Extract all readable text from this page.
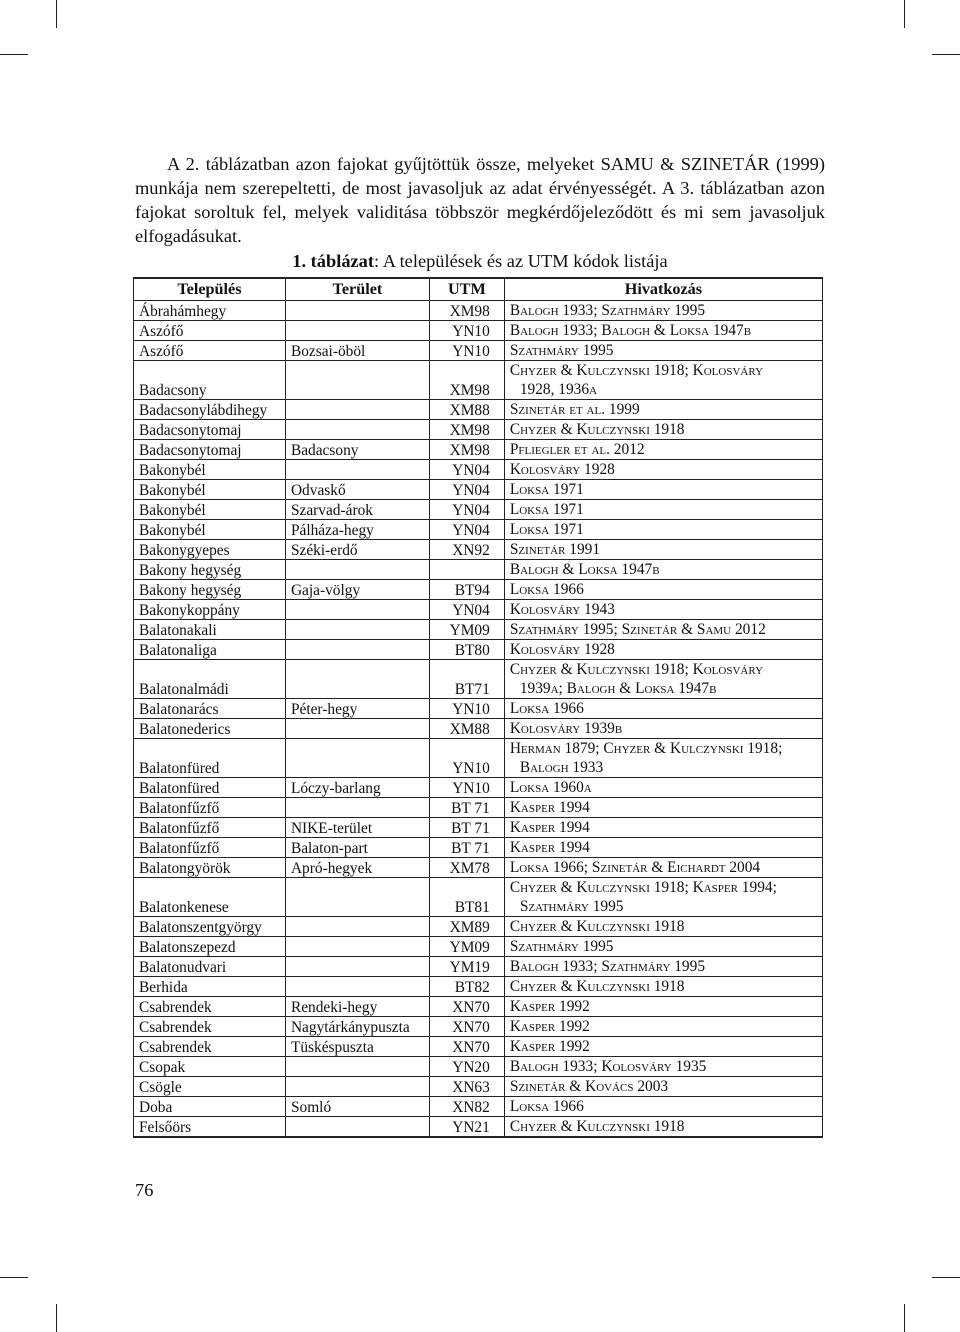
A 2. táblázatban azon fajokat gyűjtöttük össze, melyeket SAMU & SZINETÁR (1999) munkája nem szerepeltetti, de most javasoljuk az adat érvényességét. A 3. táblázatban azon fajokat soroltuk fel, melyek validitása többször megkérdőjeleződött és mi sem javasoljuk elfogadásukat.

1. táblázat: A települések és az UTM kódok listája
Település	Terület	UTM	Hivatkozás
Ábrahámhegy		XM98	Balogh 1933; Szathmáry 1995

Aszófő		YN10	Balogh 1933; Balogh & Loksa 1947b

Aszófő	Bozsai-öböl	YN10	Szathmáry 1995

Badacsony		XM98	Chyzer & Kulczynski 1918; Kolosváry
1928, 1936a

Badacsonylábdihegy		XM88	Szinetár et al. 1999

Badacsonytomaj		XM98	Chyzer & Kulczynski 1918

Badacsonytomaj	Badacsony	XM98	Pfliegler et al. 2012

Bakonybél		YN04	Kolosváry 1928

Bakonybél	Odvaskő	YN04	Loksa 1971

Bakonybél	Szarvad-árok	YN04	Loksa 1971

Bakonybél	Pálháza-hegy	YN04	Loksa 1971

Bakonygyepes	Széki-erdő	XN92	Szinetár 1991

Bakony hegység			Balogh & Loksa 1947b

Bakony hegység	Gaja-völgy	BT94	Loksa 1966

Bakonykoppány		YN04	Kolosváry 1943

Balatonakali		YM09	Szathmáry 1995; Szinetár & Samu 2012

Balatonaliga		BT80	Kolosváry 1928

Balatonalmádi		BT71	Chyzer & Kulczynski 1918; Kolosváry
1939a; Balogh & Loksa 1947b

Balatonarács	Péter-hegy	YN10	Loksa 1966

Balatonederics		XM88	Kolosváry 1939b

Balatonfüred		YN10	Herman 1879; Chyzer & Kulczynski 1918;
Balogh 1933

Balatonfüred	Lóczy-barlang	YN10	Loksa 1960a

Balatonfűzfő		BT 71	Kasper 1994

Balatonfűzfő	NIKE-terület	BT 71	Kasper 1994

Balatonfűzfő	Balaton-part	BT 71	Kasper 1994

Balatongyörök	Apró-hegyek	XM78	Loksa 1966; Szinetár & Eichardt 2004

Balatonkenese		BT81	Chyzer & Kulczynski 1918; Kasper 1994;
Szathmáry 1995

Balatonszentgyörgy		XM89	Chyzer & Kulczynski 1918

Balatonszepezd		YM09	Szathmáry 1995

Balatonudvari		YM19	Balogh 1933; Szathmáry 1995

Berhida		BT82	Chyzer & Kulczynski 1918

Csabrendek	Rendeki-hegy	XN70	Kasper 1992

Csabrendek	Nagytárkánypuszta	XN70	Kasper 1992

Csabrendek	Tüskéspuszta	XN70	Kasper 1992

Csopak		YN20	Balogh 1933; Kolosváry 1935

Csögle		XN63	Szinetár & Kovács 2003

Doba	Somló	XN82	Loksa 1966

Felsőörs		YN21	Chyzer & Kulczynski 1918
76
